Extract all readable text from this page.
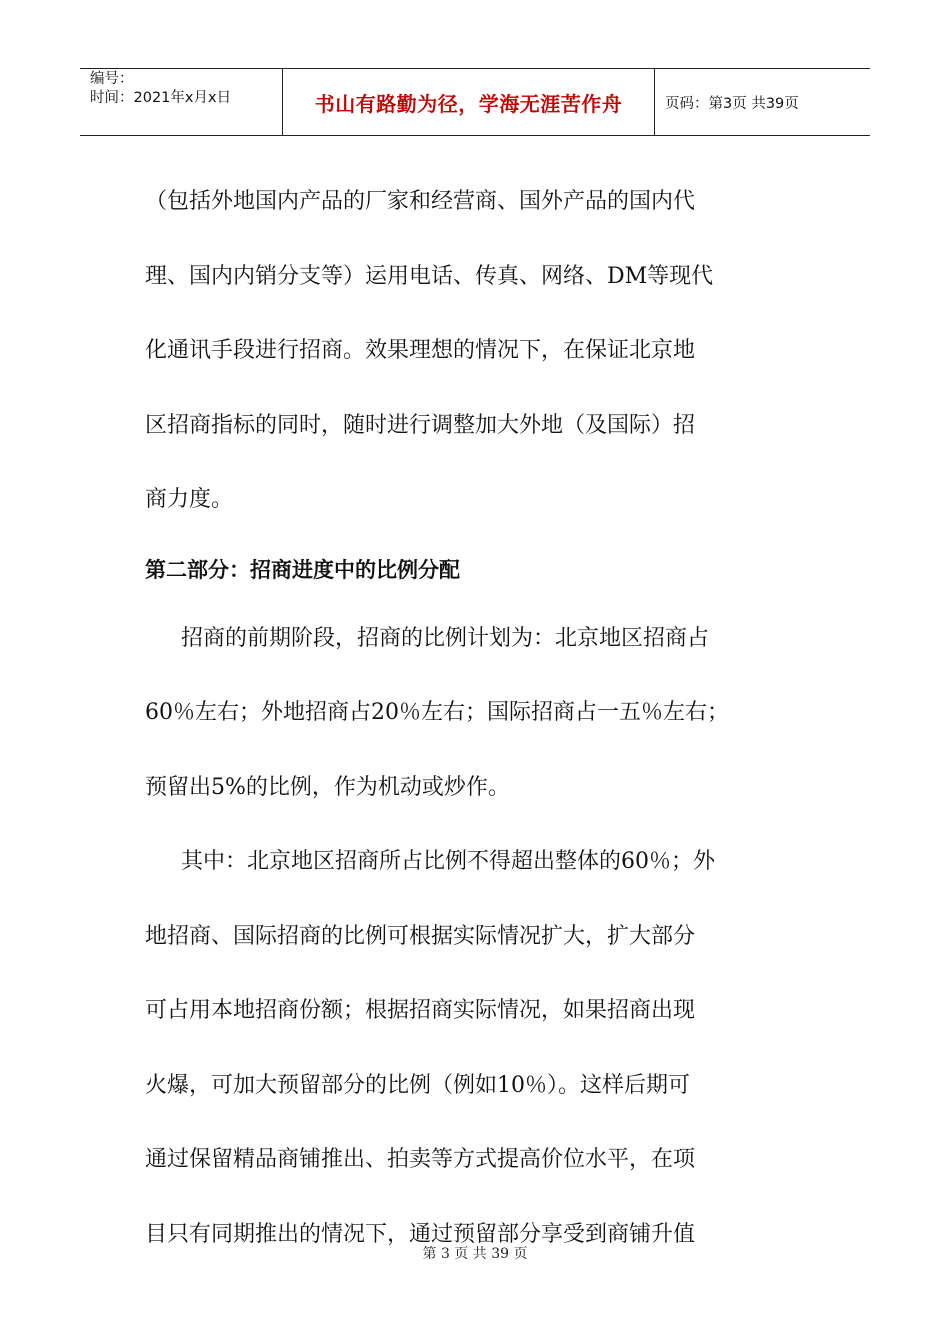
编号：
时间：2021年x月x日	书山有路勤为径，学海无涯苦作舟	页码：第3页 共39页

（包括外地国内产品的厂家和经营商、国外产品的国内代

理、国内内销分支等）运用电话、传真、网络、DM等现代

化通讯手段进行招商。效果理想的情况下，在保证北京地

区招商指标的同时，随时进行调整加大外地（及国际）招

商力度。

第二部分：招商进度中的比例分配

招商的前期阶段，招商的比例计划为：北京地区招商占

60％左右；外地招商占20％左右；国际招商占一五％左右；

预留出5%的比例，作为机动或炒作。

其中：北京地区招商所占比例不得超出整体的60％；外

地招商、国际招商的比例可根据实际情况扩大，扩大部分

可占用本地招商份额；根据招商实际情况，如果招商出现

火爆，可加大预留部分的比例（例如10％）。这样后期可

通过保留精品商铺推出、拍卖等方式提高价位水平，在项

目只有同期推出的情况下，通过预留部分享受到商铺升值

第 3 页 共 39 页
